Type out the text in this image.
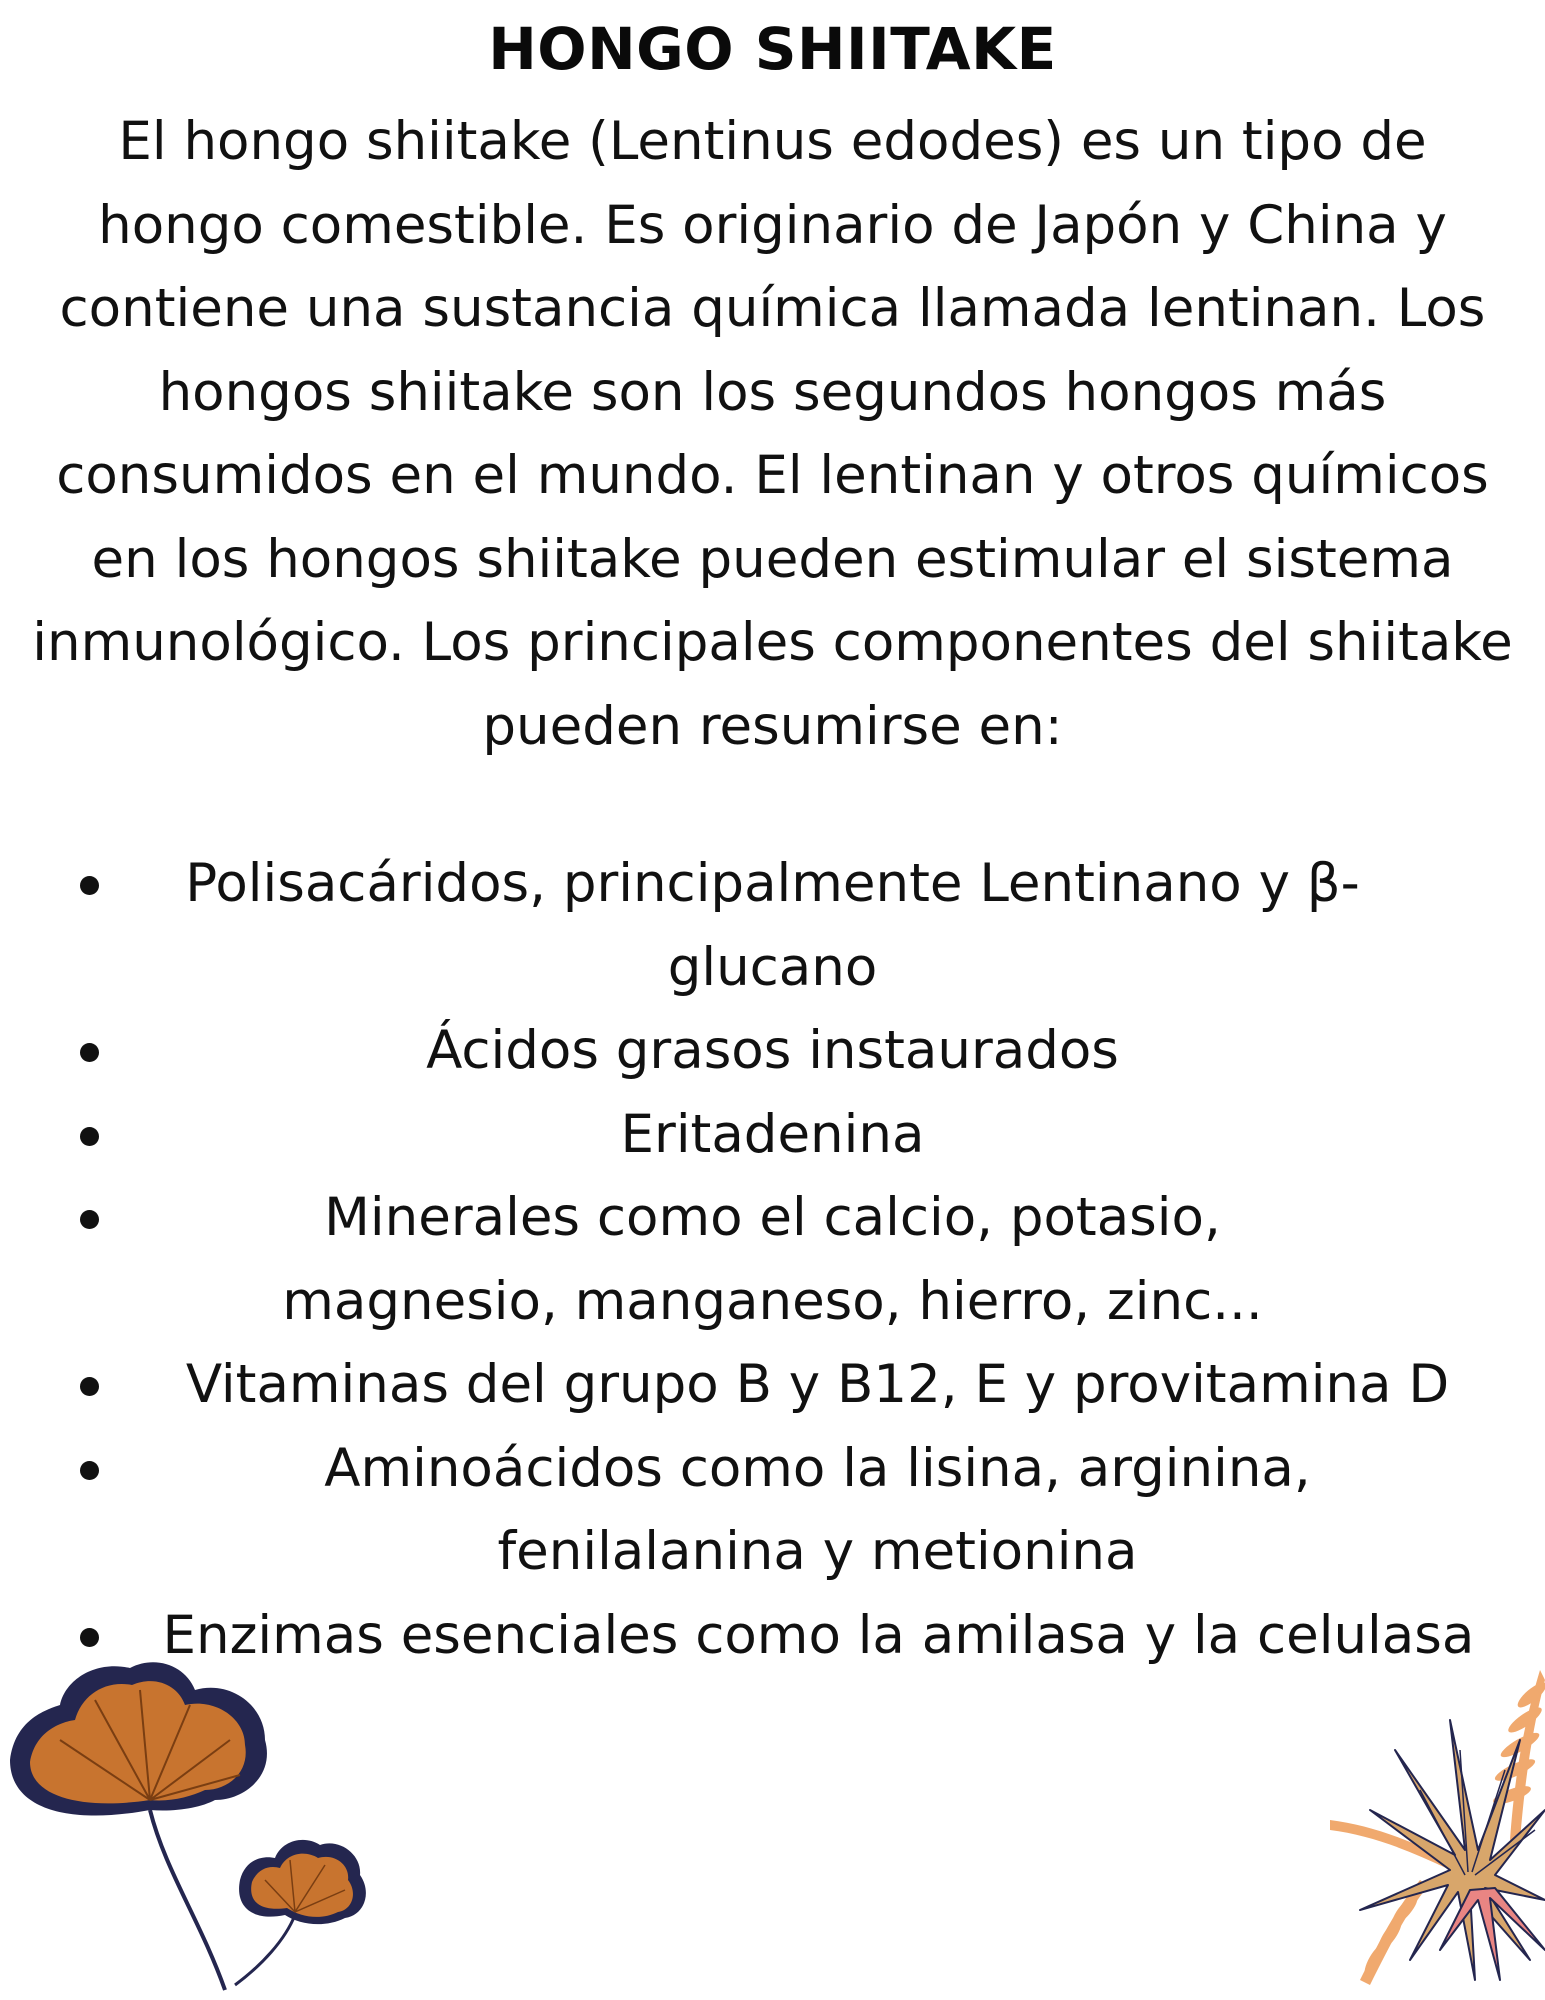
HONGO SHIITAKE

El hongo shiitake (Lentinus edodes) es un tipo de hongo comestible. Es originario de Japón y China y contiene una sustancia química llamada lentinan. Los hongos shiitake son los segundos hongos más consumidos en el mundo. El lentinan y otros químicos en los hongos shiitake pueden estimular el sistema inmunológico. Los principales componentes del shiitake pueden resumirse en:

Polisacáridos, principalmente Lentinano y β-glucano
Ácidos grasos instaurados
Eritadenina
Minerales como el calcio, potasio, magnesio, manganeso, hierro, zinc...
Vitaminas del grupo B y B12, E y provitamina D
Aminoácidos como la lisina, arginina, fenilalanina y metionina
Enzimas esenciales como la amilasa y la celulasa
